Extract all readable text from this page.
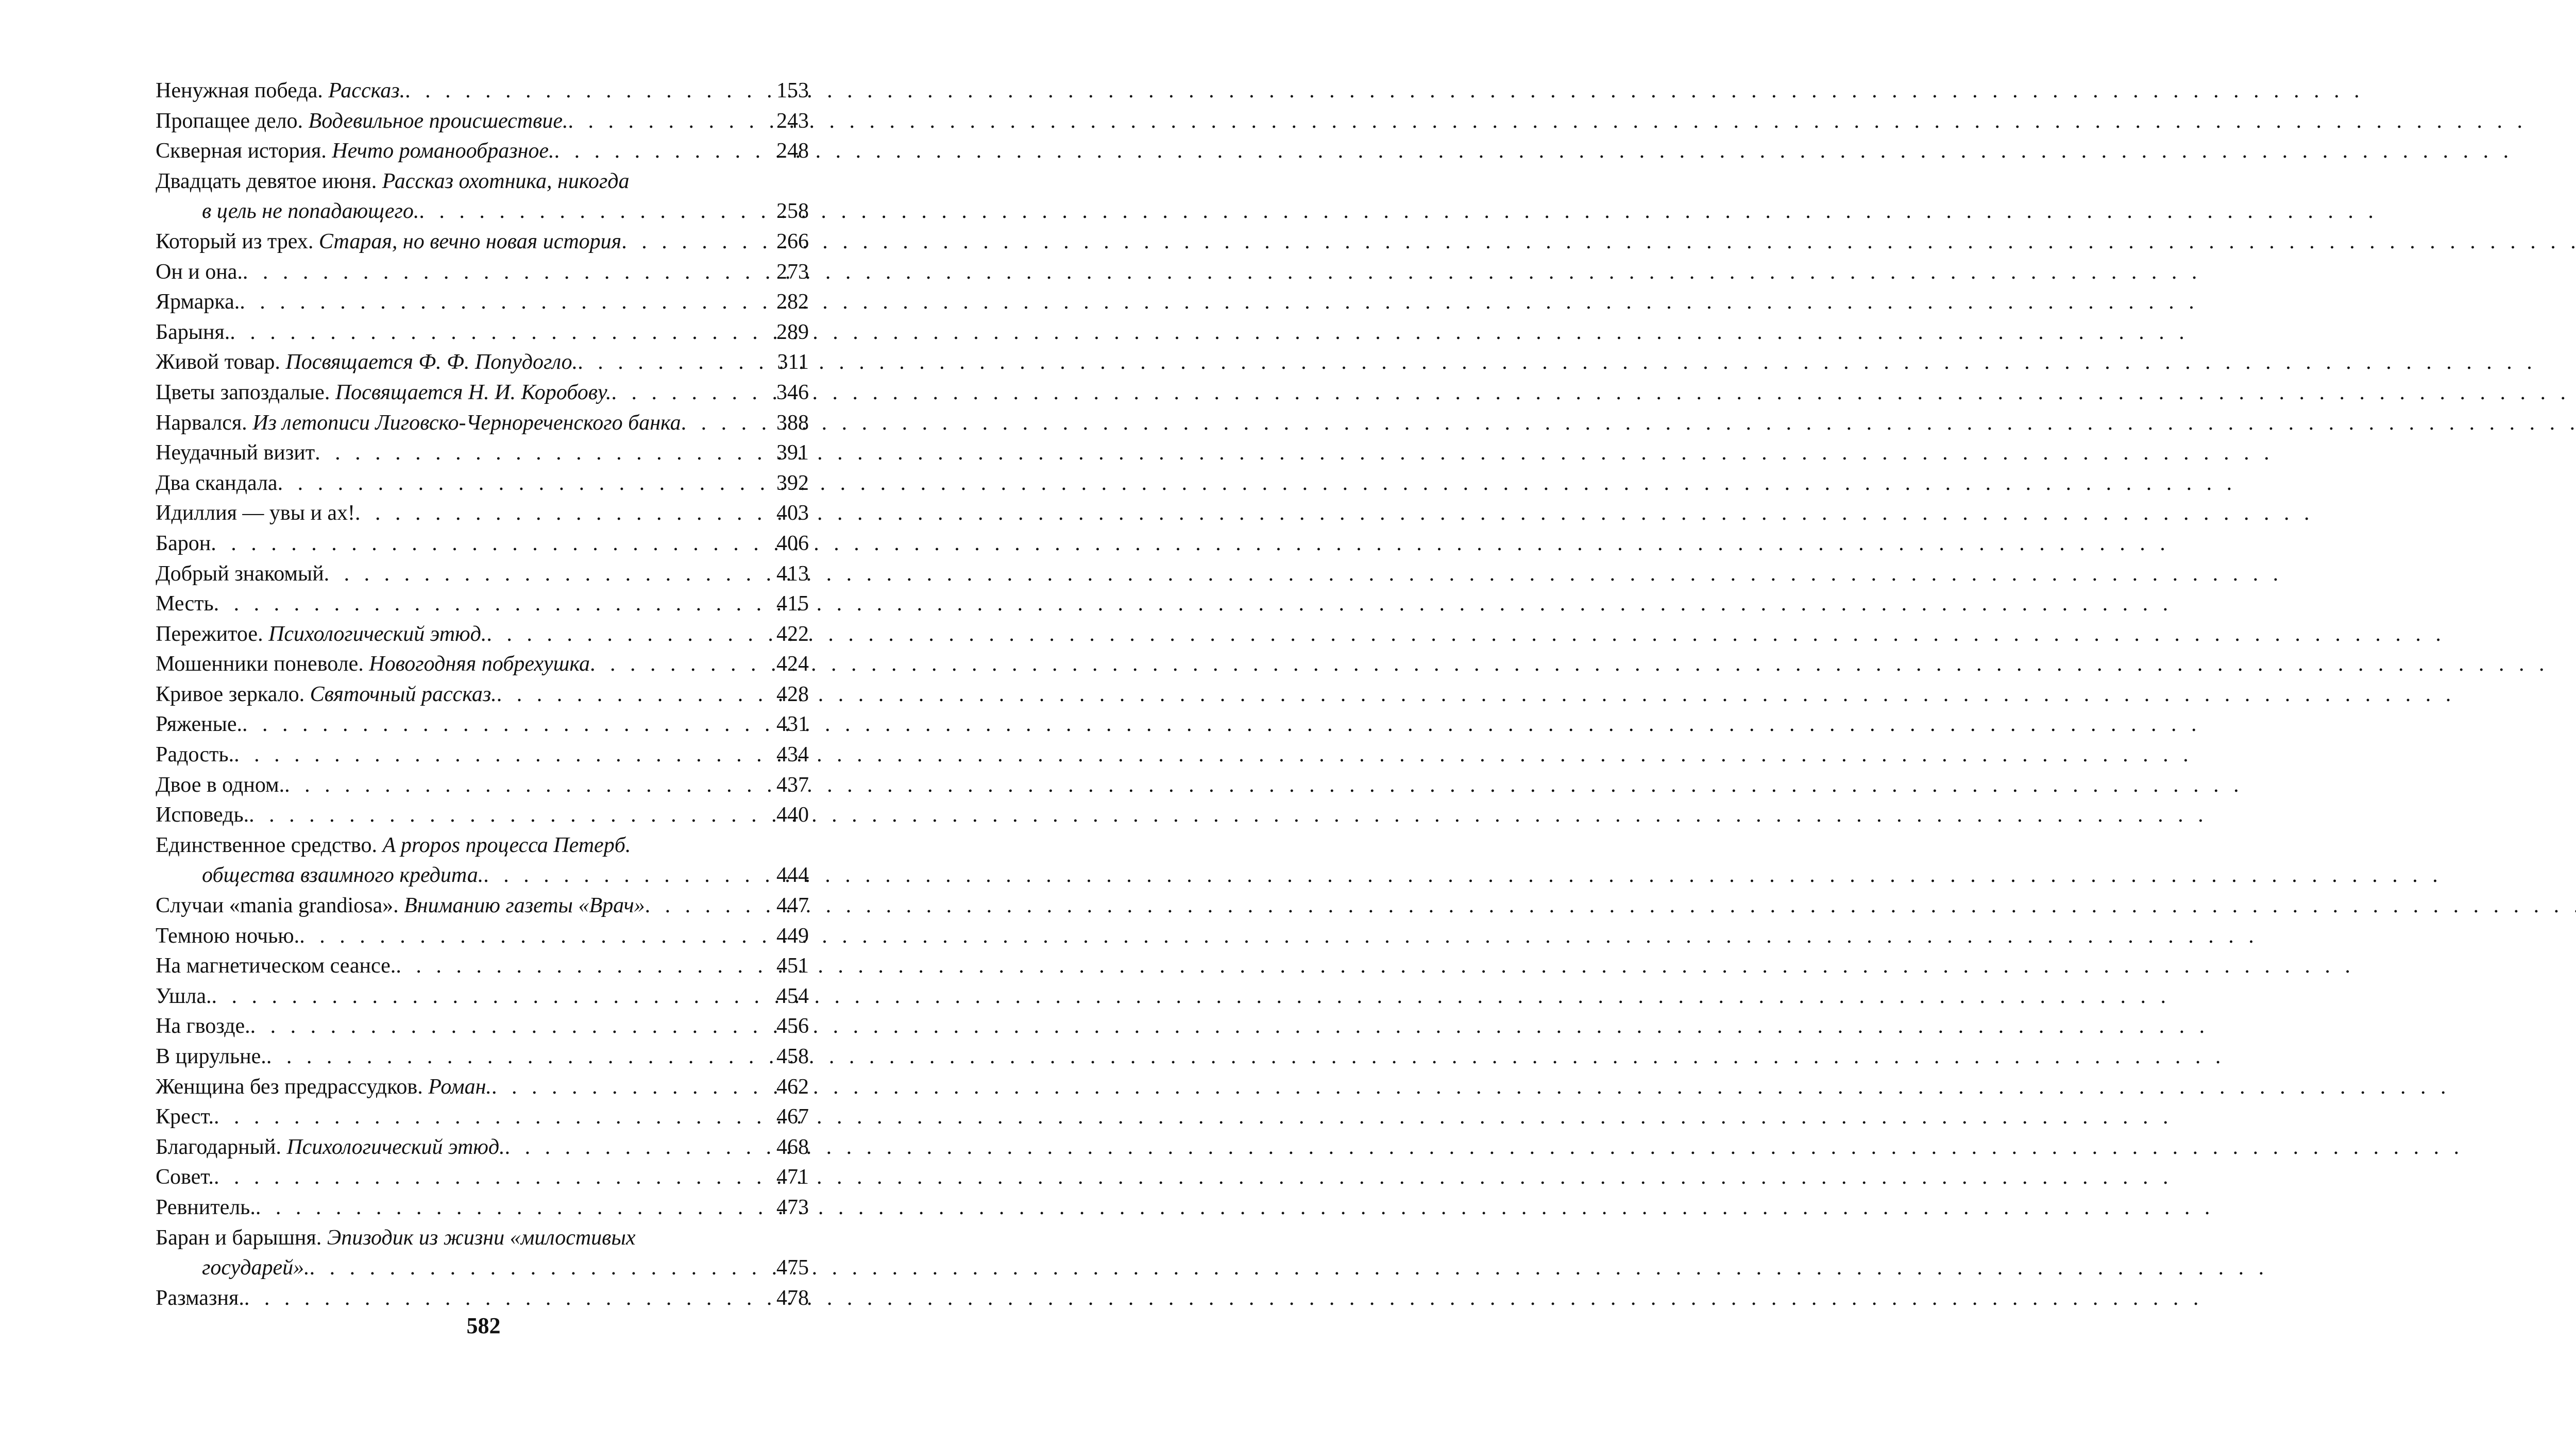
Ненужная победа. Рассказ. . . .	153
Пропащее дело. Водевильное происшествие. . . .	243
Скверная история. Нечто романообразное. . . .	248
Двадцать девятое июня. Рассказ охотника, никогда
в цель не попадающего. . . .	258
Который из трех. Старая, но вечно новая история . . .	266
Он и она. . . .	273
Ярмарка. . . .	282
Барыня. . . .	289
Живой товар. Посвящается Ф. Ф. Попудогло. . . .	311
Цветы запоздалые. Посвящается Н. И. Коробову. . . .	346
Нарвался. Из летописи Лиговско-Чернореченского банка . . .	388
Неудачный визит . . .	391
Два скандала . . .	392
Идиллия — увы и ах! . . .	403
Барон . . .	406
Добрый знакомый . . .	413
Месть . . .	415
Пережитое. Психологический этюд. . . .	422
Мошенники поневоле. Новогодняя побрехушка . . .	424
Кривое зеркало. Святочный рассказ. . . .	428
Ряженые. . . .	431
Радость. . . .	434
Двое в одном. . . .	437
Исповедь. . . .	440
Единственное средство. A propos процесса Петерб.
общества взаимного кредита. . . .	444
Случаи «mania grandiosa». Вниманию газеты «Врач» . . .	447
Темною ночью. . . .	449
На магнетическом сеансе. . . .	451
Ушла. . . .	454
На гвозде. . . .	456
В цирульне. . . .	458
Женщина без предрассудков. Роман. . . .	462
Крест. . . .	467
Благодарный. Психологический этюд. . . .	468
Совет. . . .	471
Ревнитель. . . .	473
Баран и барышня. Эпизодик из жизни «милостивых
государей». . . .	475
Размазня. . . .	478
582
